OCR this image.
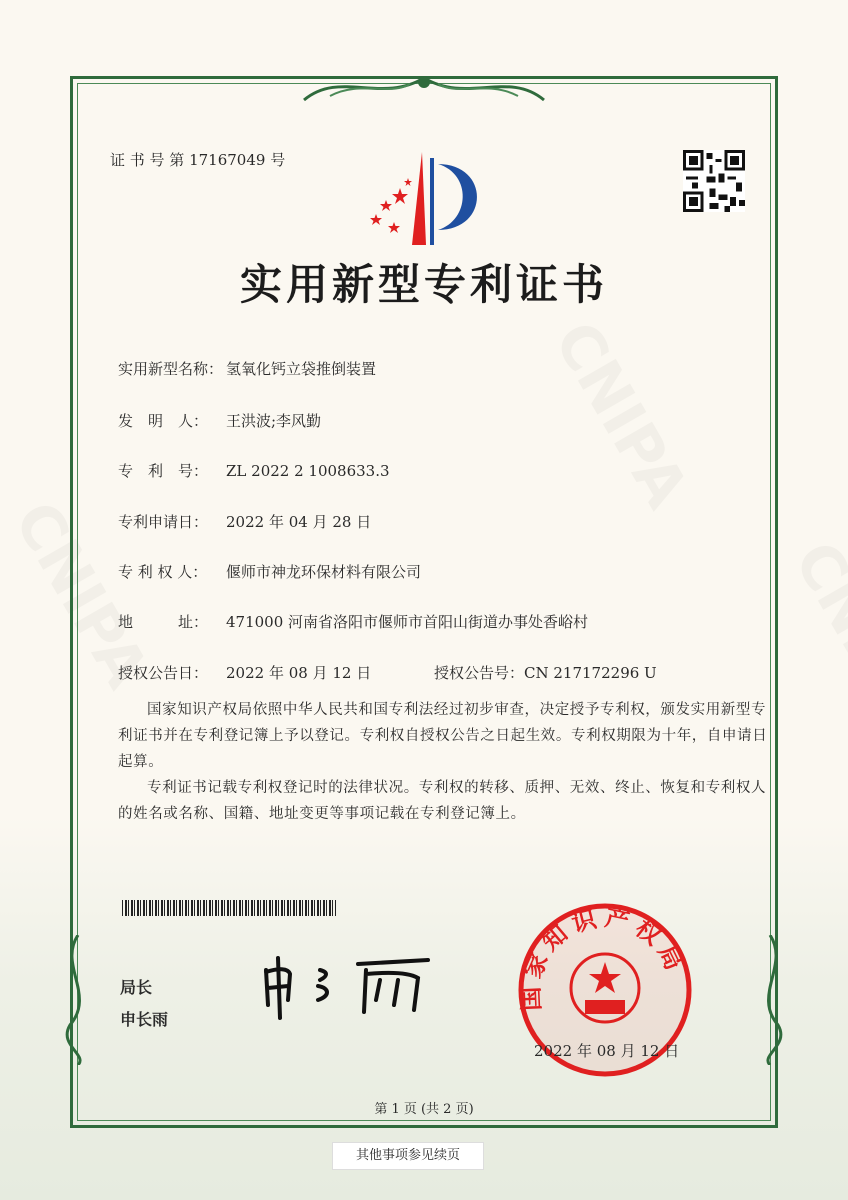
证 书 号 第 17167049 号
实用新型专利证书
实用新型名称： 氢氧化钙立袋推倒装置
发　明　人： 王洪波;李风勤
专　利　号： ZL 2022 2 1008633.3
专利申请日： 2022 年 04 月 28 日
专 利 权 人： 偃师市神龙环保材料有限公司
地　　　址： 471000 河南省洛阳市偃师市首阳山街道办事处香峪村
授权公告日： 2022 年 08 月 12 日	授权公告号：CN 217172296 U

国家知识产权局依照中华人民共和国专利法经过初步审查，决定授予专利权，颁发实用新型专利证书并在专利登记簿上予以登记。专利权自授权公告之日起生效。专利权期限为十年，自申请日起算。

专利证书记载专利权登记时的法律状况。专利权的转移、质押、无效、终止、恢复和专利权人的姓名或名称、国籍、地址变更等事项记载在专利登记簿上。

局长
申长雨
国家知识产权局
2022 年 08 月 12 日
第 1 页 (共 2 页)
其他事项参见续页
